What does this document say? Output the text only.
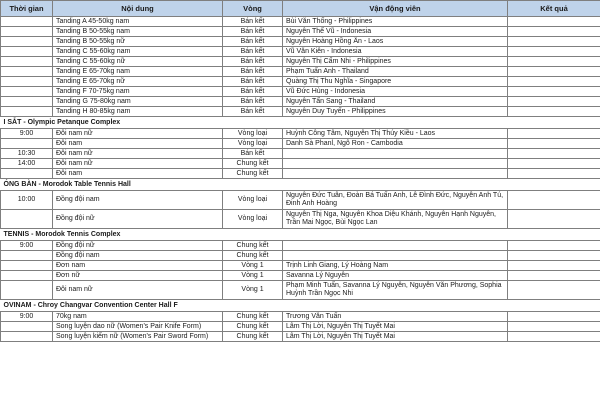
Thời gian	Nội dung	Vòng	Vận động viên	Kết quả
	Tanding A 45-50kg nam	Bán kết	Bùi Văn Thống - Philippines	
	Tanding B 50-55kg nam	Bán kết	Nguyễn Thế Vũ - Indonesia	
	Tanding B 50-55kg nữ	Bán kết	Nguyễn Hoàng Hồng Ân - Laos	
	Tanding C 55-60kg nam	Bán kết	Vũ Văn Kiên - Indonesia	
	Tanding C 55-60kg nữ	Bán kết	Nguyễn Thị Cẩm Nhi - Philippines	
	Tanding E 65-70kg nam	Bán kết	Phạm Tuấn Anh - Thailand	
	Tanding E 65-70kg nữ	Bán kết	Quàng Thị Thu Nghĩa - Singapore	
	Tanding F 70-75kg nam	Bán kết	Vũ Đức Hùng - Indonesia	
	Tanding G 75-80kg nam	Bán kết	Nguyễn Tấn Sang - Thailand	
	Tanding H 80-85kg nam	Bán kết	Nguyễn Duy Tuyến - Philippines	
I SẮT - Olympic Petanque Complex				
9:00	Đôi nam nữ	Vòng loại	Huỳnh Công Tâm, Nguyễn Thị Thúy Kiều - Laos	
	Đôi nam	Vòng loại	Danh Sà Phanl, Ngô Ron - Cambodia	
10:30	Đôi nam nữ	Bán kết		
14:00	Đôi nam nữ	Chung kết		
	Đôi nam	Chung kết		
ÓNG BÀN - Morodok Table Tennis Hall				
10:00	Đồng đội nam	Vòng loại	Nguyễn Đức Tuân, Đoàn Bá Tuấn Anh, Lê Đình Đức, Nguyễn Anh Tú, Đinh Anh Hoàng	
	Đồng đội nữ	Vòng loại	Nguyễn Thị Nga, Nguyễn Khoa Diệu Khánh, Nguyễn Hạnh Nguyên, Trần Mai Ngọc, Bùi Ngọc Lan	
TENNIS - Morodok Tennis Complex				
9:00	Đồng đội nữ	Chung kết		
	Đồng đội nam	Chung kết		
	Đơn nam	Vòng 1	Trịnh Linh Giang, Lý Hoàng Nam	
	Đơn nữ	Vòng 1	Savanna Lý Nguyễn	
	Đôi nam nữ	Vòng 1	Phạm Minh Tuấn, Savanna Lý Nguyễn, Nguyễn Văn Phương, Sophia Huỳnh Trần Ngọc Nhi	
OVINAM - Chroy Changvar Convention Center Hall F				
9:00	70kg nam	Chung kết	Trương Văn Tuấn	
	Song luyện dao nữ (Women's Pair Knife Form)	Chung kết	Lâm Thị Lời, Nguyễn Thị Tuyết Mai	
	Song luyện kiếm nữ (Women's Pair Sword Form)	Chung kết	Lâm Thị Lời, Nguyễn Thị Tuyết Mai	
